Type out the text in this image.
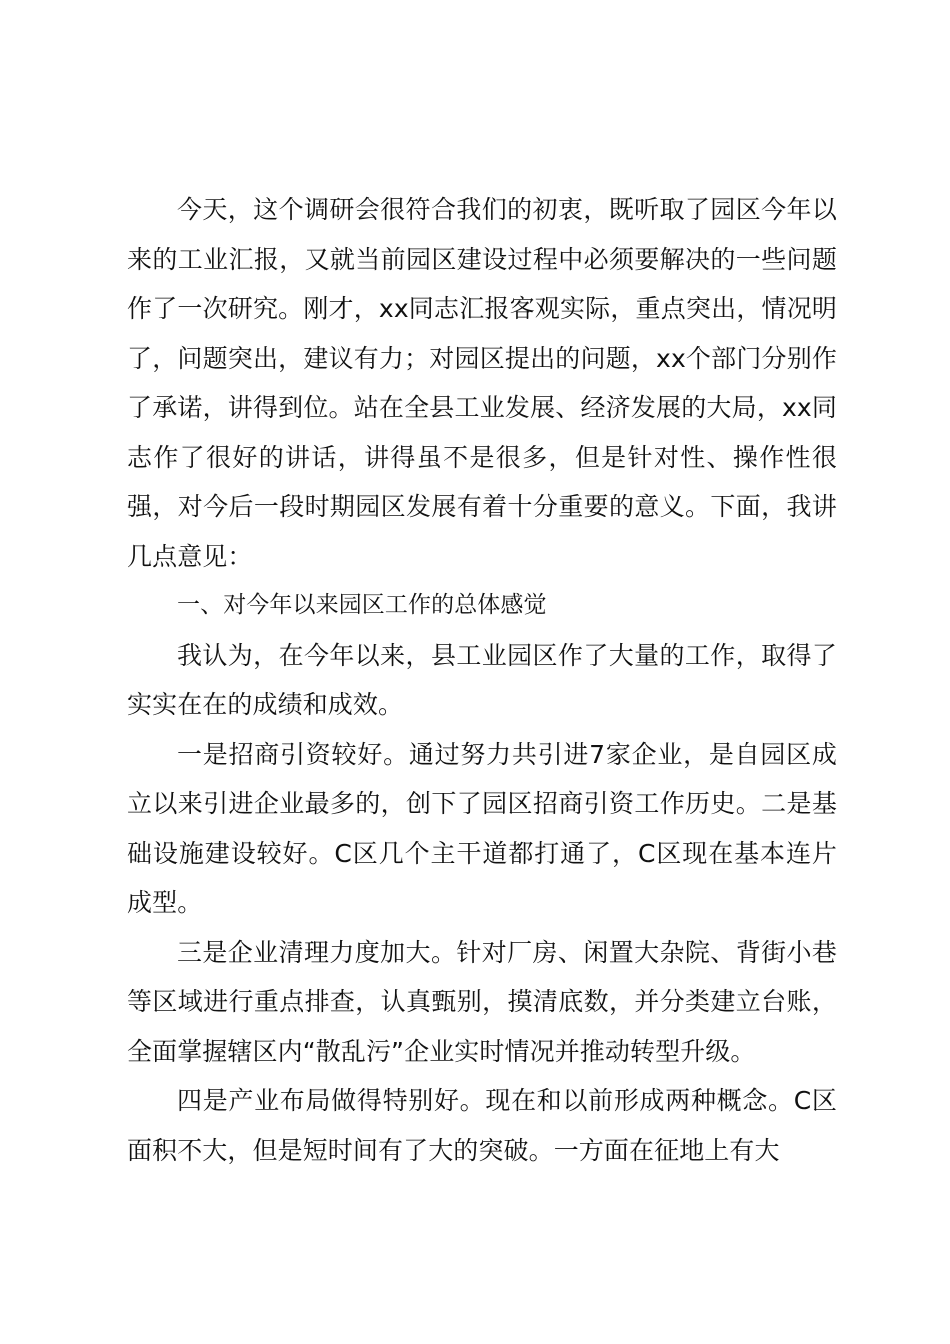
今天，这个调研会很符合我们的初衷，既听取了园区今年以来的工业汇报，又就当前园区建设过程中必须要解决的一些问题作了一次研究。刚才，xx同志汇报客观实际，重点突出，情况明了，问题突出，建议有力；对园区提出的问题，xx个部门分别作了承诺，讲得到位。站在全县工业发展、经济发展的大局，xx同志作了很好的讲话，讲得虽不是很多，但是针对性、操作性很强，对今后一段时期园区发展有着十分重要的意义。下面，我讲几点意见：

一、对今年以来园区工作的总体感觉

我认为，在今年以来，县工业园区作了大量的工作，取得了实实在在的成绩和成效。

一是招商引资较好。通过努力共引进7家企业，是自园区成立以来引进企业最多的，创下了园区招商引资工作历史。二是基础设施建设较好。C区几个主干道都打通了，C区现在基本连片成型。

三是企业清理力度加大。针对厂房、闲置大杂院、背街小巷等区域进行重点排查，认真甄别，摸清底数，并分类建立台账，全面掌握辖区内“散乱污”企业实时情况并推动转型升级。

四是产业布局做得特别好。现在和以前形成两种概念。C区面积不大，但是短时间有了大的突破。一方面在征地上有大
